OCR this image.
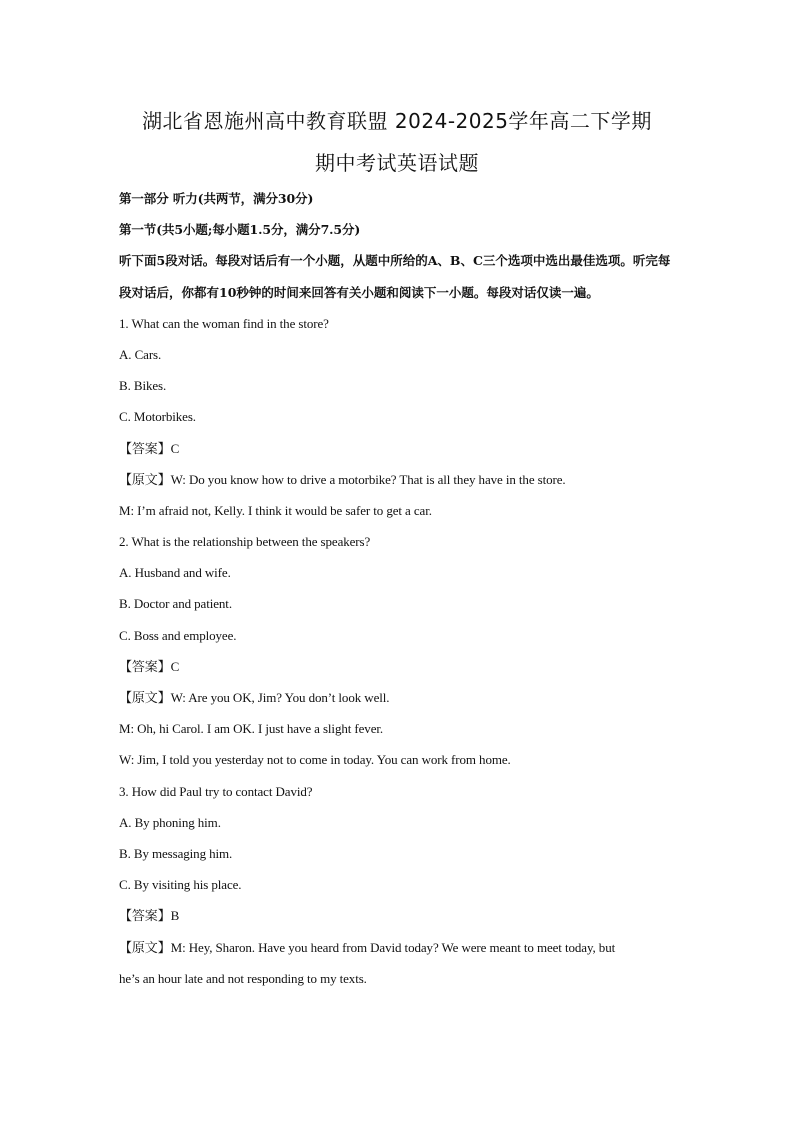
湖北省恩施州高中教育联盟 2024-2025学年高二下学期
期中考试英语试题
第一部分 听力(共两节，满分30分)
第一节(共5小题;每小题1.5分，满分7.5分)
听下面5段对话。每段对话后有一个小题，从题中所给的A、B、C三个选项中选出最佳选项。听完每段对话后，你都有10秒钟的时间来回答有关小题和阅读下一小题。每段对话仅读一遍。
1. What can the woman find in the store?
A. Cars.
B. Bikes.
C. Motorbikes.
【答案】C
【原文】W: Do you know how to drive a motorbike? That is all they have in the store.
M: I’m afraid not, Kelly. I think it would be safer to get a car.
2. What is the relationship between the speakers?
A. Husband and wife.
B. Doctor and patient.
C. Boss and employee.
【答案】C
【原文】W: Are you OK, Jim? You don’t look well.
M: Oh, hi Carol. I am OK. I just have a slight fever.
W: Jim, I told you yesterday not to come in today. You can work from home.
3. How did Paul try to contact David?
A. By phoning him.
B. By messaging him.
C. By visiting his place.
【答案】B
【原文】M: Hey, Sharon. Have you heard from David today? We were meant to meet today, but
he’s an hour late and not responding to my texts.
